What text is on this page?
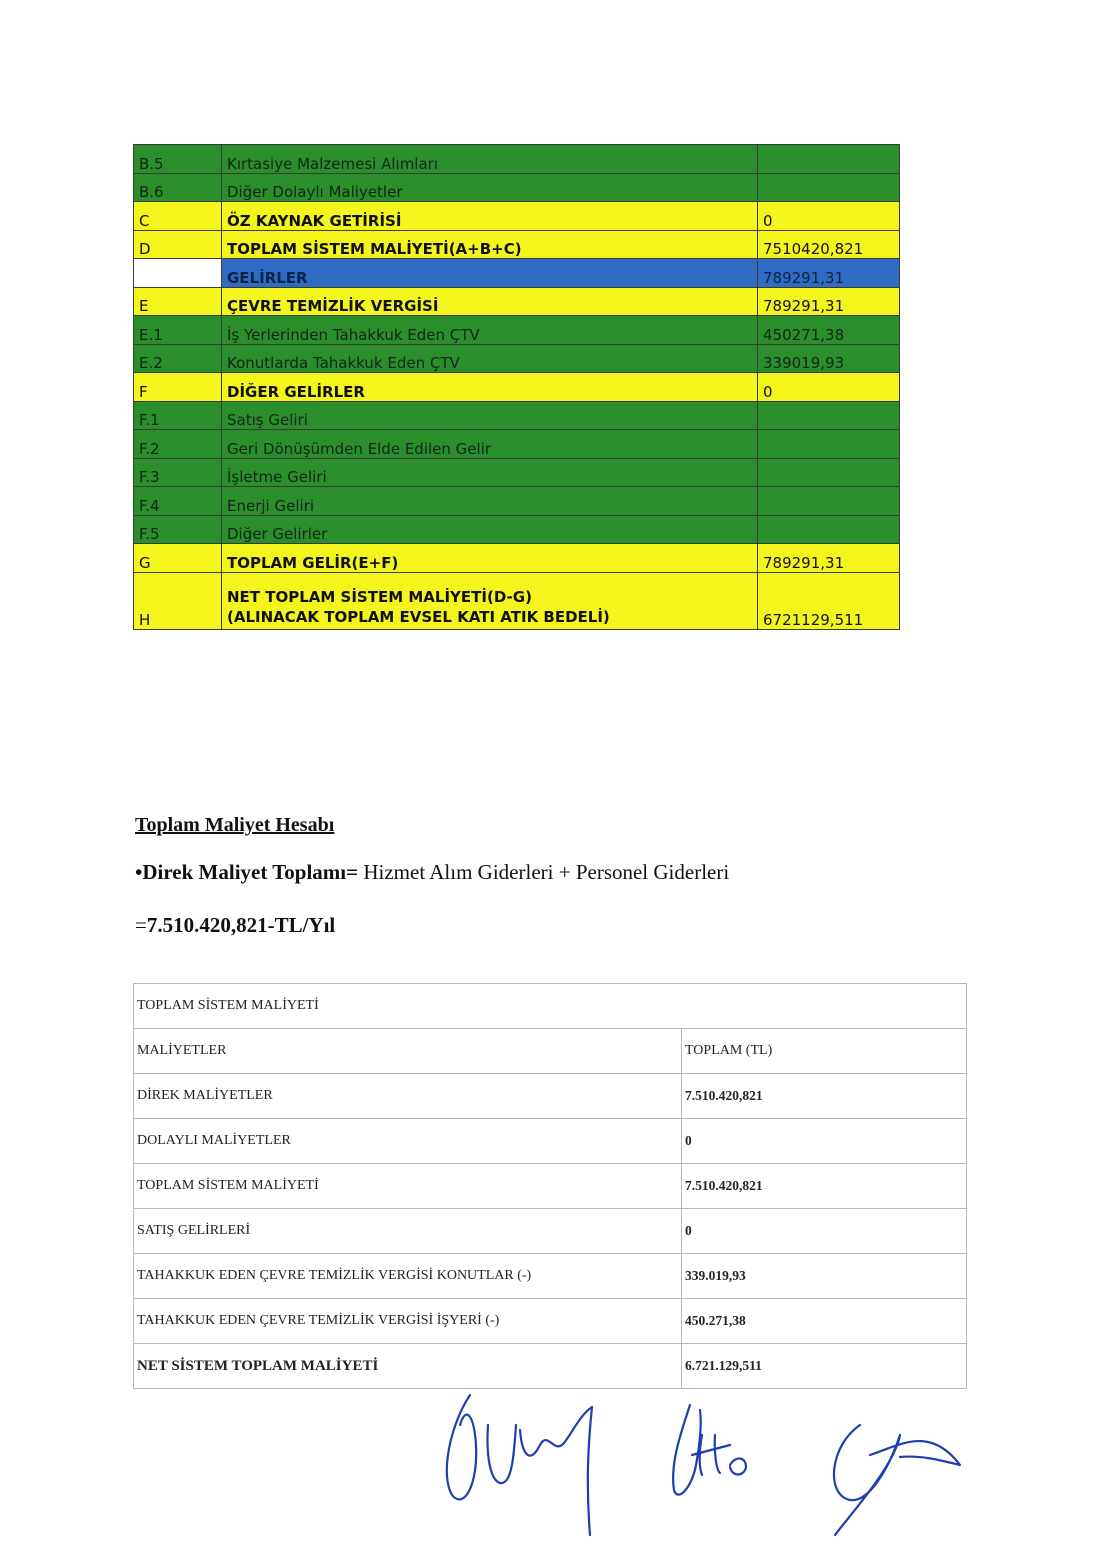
B.5	Kırtasiye Malzemesi Alımları	
B.6	Diğer Dolaylı Maliyetler	
C	ÖZ KAYNAK GETİRİSİ	0
D	TOPLAM SİSTEM MALİYETİ(A+B+C)	7510420,821
	GELİRLER	789291,31
E	ÇEVRE TEMİZLİK VERGİSİ	789291,31
E.1	İş Yerlerinden Tahakkuk Eden ÇTV	450271,38
E.2	Konutlarda Tahakkuk Eden ÇTV	339019,93
F	DİĞER GELİRLER	0
F.1	Satış Geliri	
F.2	Geri Dönüşümden Elde Edilen Gelir	
F.3	İşletme Geliri	
F.4	Enerji Geliri	
F.5	Diğer Gelirler	
G	TOPLAM GELİR(E+F)	789291,31
H	NET TOPLAM SİSTEM MALİYETİ(D-G)
(ALINACAK TOPLAM EVSEL KATI ATIK BEDELİ)	6721129,511
Toplam Maliyet Hesabı
•Direk Maliyet Toplamı= Hizmet Alım Giderleri + Personel Giderleri
=7.510.420,821-TL/Yıl
TOPLAM SİSTEM MALİYETİ	
MALİYETLER	TOPLAM (TL)
DİREK MALİYETLER	7.510.420,821
DOLAYLI MALİYETLER	0
TOPLAM SİSTEM MALİYETİ	7.510.420,821
SATIŞ GELİRLERİ	0
TAHAKKUK EDEN ÇEVRE TEMİZLİK VERGİSİ KONUTLAR (-)	339.019,93
TAHAKKUK EDEN ÇEVRE TEMİZLİK VERGİSİ İŞYERİ (-)	450.271,38
NET SİSTEM TOPLAM MALİYETİ	6.721.129,511
